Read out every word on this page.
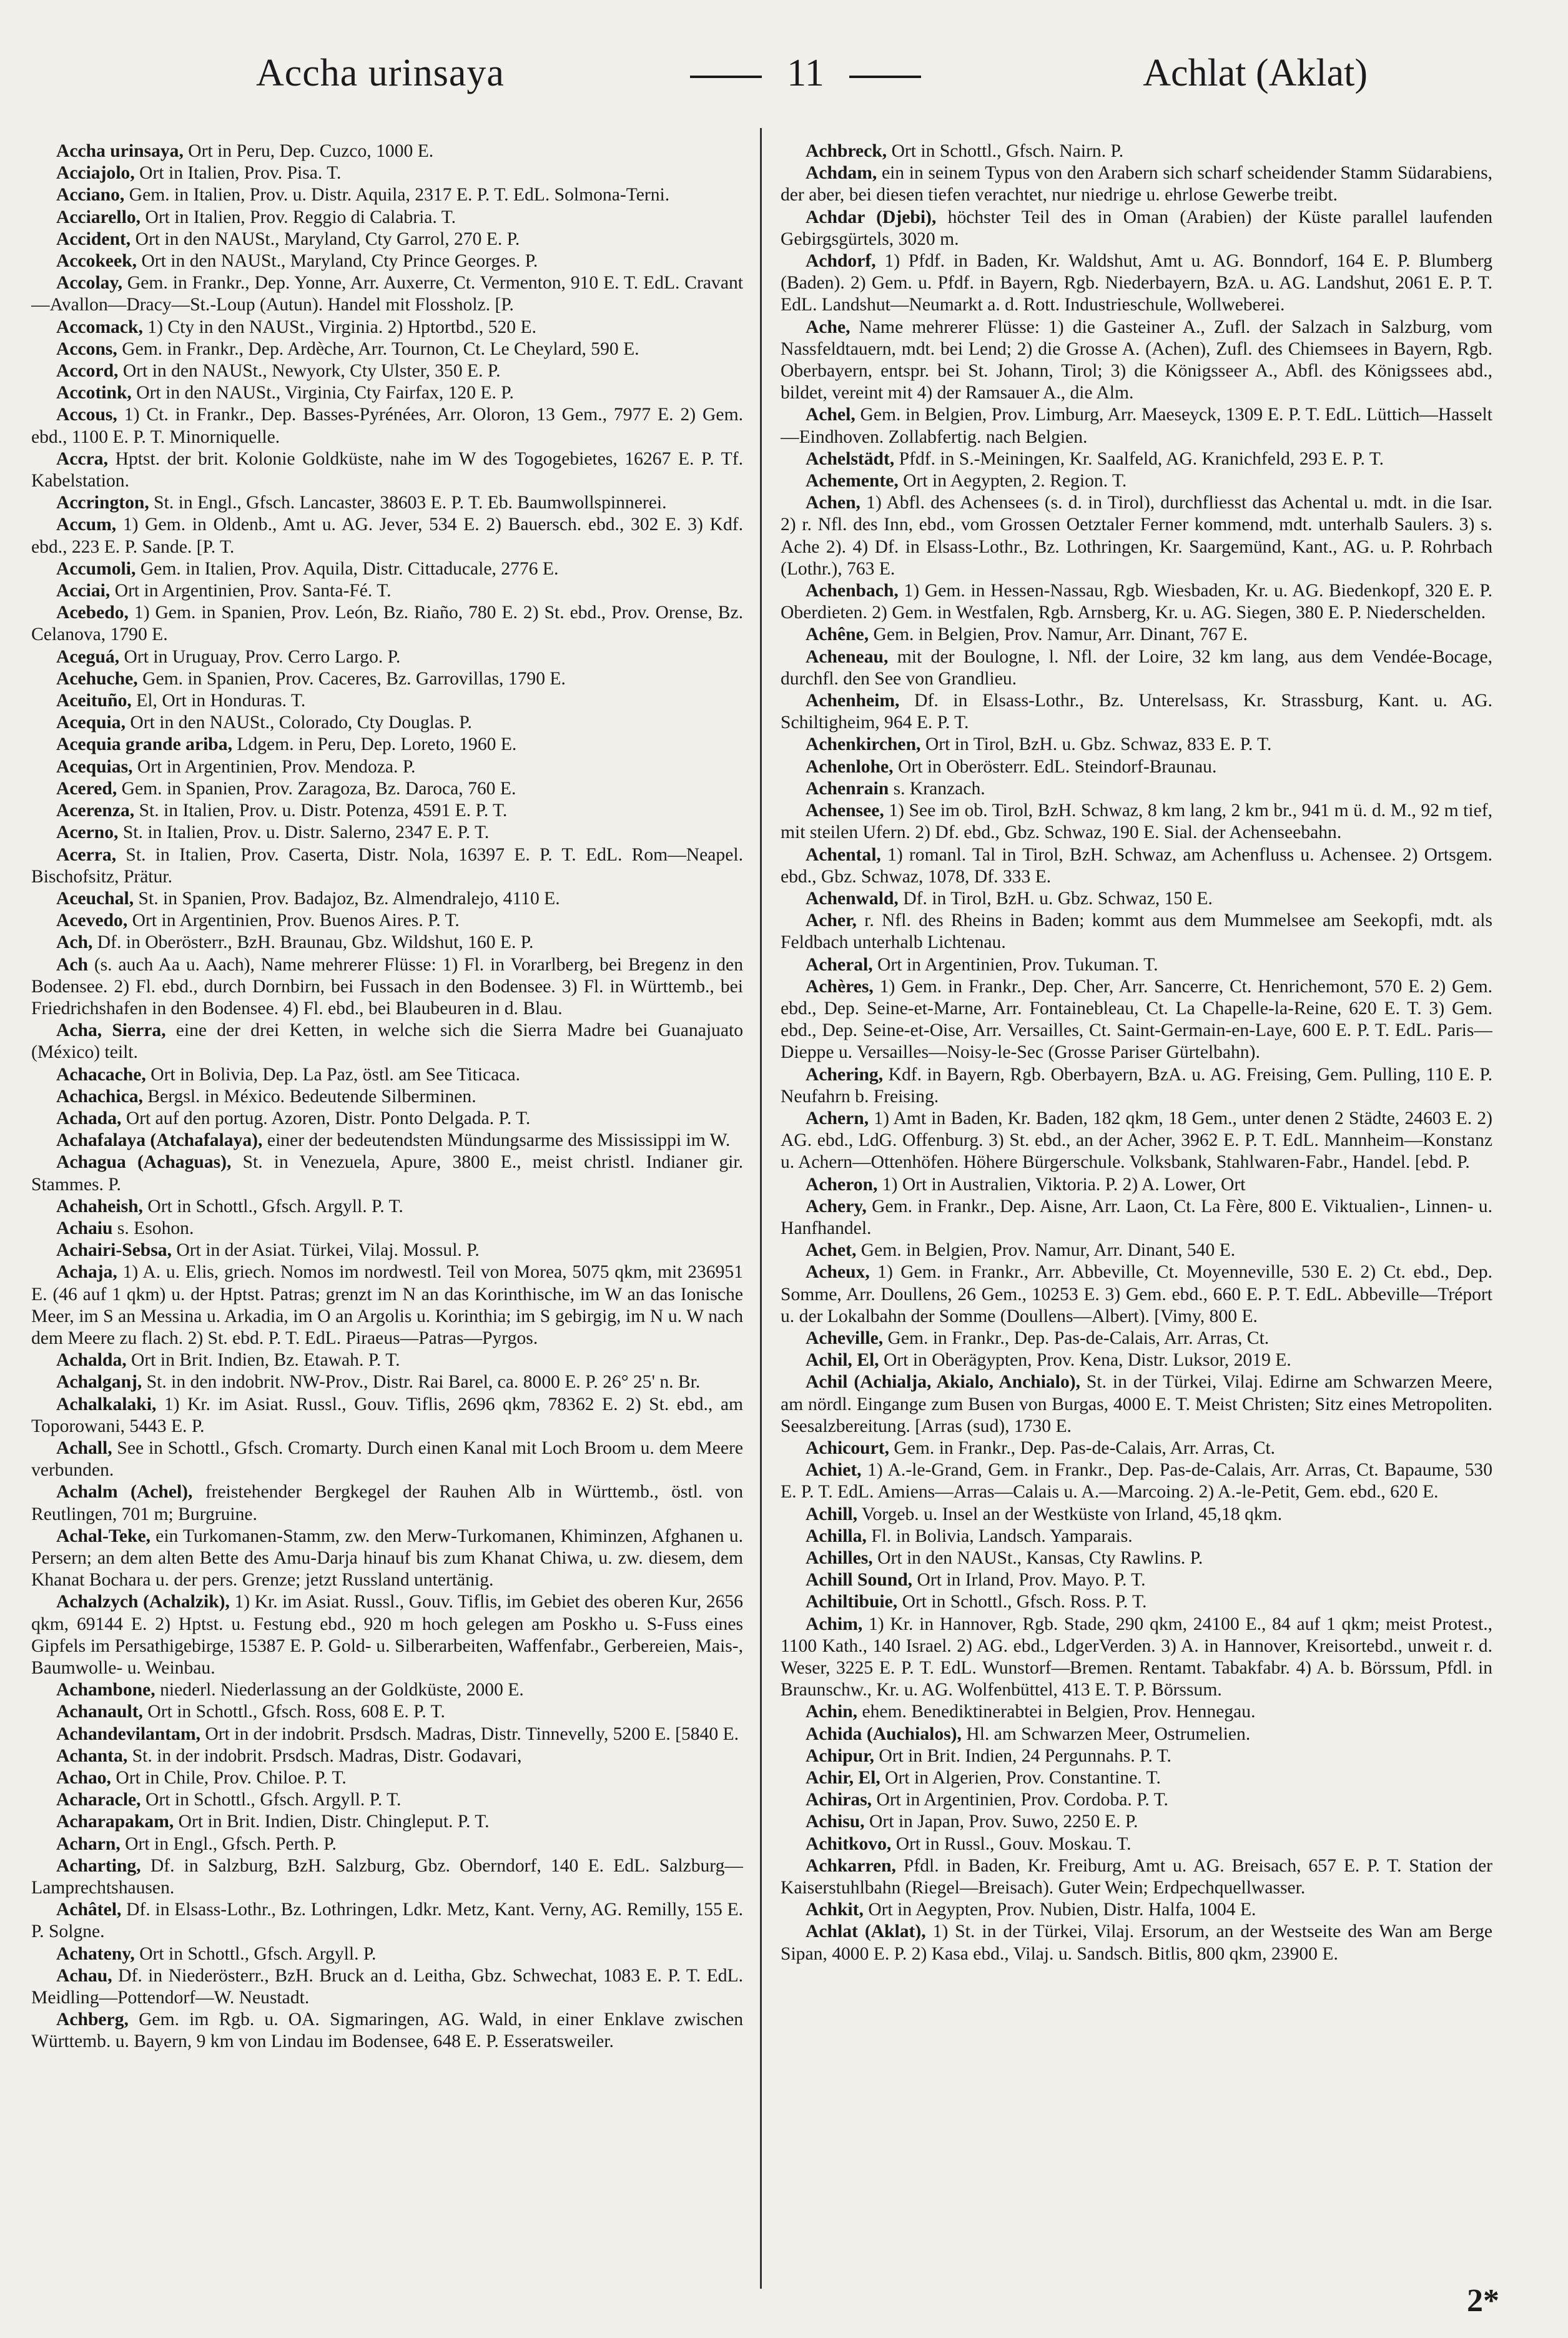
Accha urinsaya	11	Achlat (Aklat)
Accha urinsaya, Ort in Peru, Dep. Cuzco, 1000 E.
Acciajolo, Ort in Italien, Prov. Pisa. T.
Acciano, Gem. in Italien, Prov. u. Distr. Aquila, 2317 E. P. T. EdL. Solmona-Terni.
Acciarello, Ort in Italien, Prov. Reggio di Calabria. T.
Accident, Ort in den NAUSt., Maryland, Cty Garrol, 270 E. P.
Accokeek, Ort in den NAUSt., Maryland, Cty Prince Georges. P.
Accolay, Gem. in Frankr., Dep. Yonne, Arr. Auxerre, Ct. Vermenton, 910 E. T. EdL. Cravant—Avallon—Dracy—St.-Loup (Autun). Handel mit Flossholz. [P.
Accomack, 1) Cty in den NAUSt., Virginia. 2) Hptortbd., 520 E.
Accons, Gem. in Frankr., Dep. Ardèche, Arr. Tournon, Ct. Le Cheylard, 590 E.
Accord, Ort in den NAUSt., Newyork, Cty Ulster, 350 E. P.
Accotink, Ort in den NAUSt., Virginia, Cty Fairfax, 120 E. P.
Accous, 1) Ct. in Frankr., Dep. Basses-Pyrénées, Arr. Oloron, 13 Gem., 7977 E. 2) Gem. ebd., 1100 E. P. T. Minorniquelle.
Accra, Hptst. der brit. Kolonie Goldküste, nahe im W des Togogebietes, 16267 E. P. Tf. Kabelstation.
Accrington, St. in Engl., Gfsch. Lancaster, 38603 E. P. T. Eb. Baumwollspinnerei.
Accum, 1) Gem. in Oldenb., Amt u. AG. Jever, 534 E. 2) Bauersch. ebd., 302 E. 3) Kdf. ebd., 223 E. P. Sande. [P. T.
Accumoli, Gem. in Italien, Prov. Aquila, Distr. Cittaducale, 2776 E.
Acciai, Ort in Argentinien, Prov. Santa-Fé. T.
Acebedo, 1) Gem. in Spanien, Prov. León, Bz. Riaño, 780 E. 2) St. ebd., Prov. Orense, Bz. Celanova, 1790 E.
Aceguá, Ort in Uruguay, Prov. Cerro Largo. P.
Acehuche, Gem. in Spanien, Prov. Caceres, Bz. Garrovillas, 1790 E.
Aceituño, El, Ort in Honduras. T.
Acequia, Ort in den NAUSt., Colorado, Cty Douglas. P.
Acequia grande ariba, Ldgem. in Peru, Dep. Loreto, 1960 E.
Acequias, Ort in Argentinien, Prov. Mendoza. P.
Acered, Gem. in Spanien, Prov. Zaragoza, Bz. Daroca, 760 E.
Acerenza, St. in Italien, Prov. u. Distr. Potenza, 4591 E. P. T.
Acerno, St. in Italien, Prov. u. Distr. Salerno, 2347 E. P. T.
Acerra, St. in Italien, Prov. Caserta, Distr. Nola, 16397 E. P. T. EdL. Rom—Neapel. Bischofsitz, Prätur.
Aceuchal, St. in Spanien, Prov. Badajoz, Bz. Almendralejo, 4110 E.
Acevedo, Ort in Argentinien, Prov. Buenos Aires. P. T.
Ach, Df. in Oberösterr., BzH. Braunau, Gbz. Wildshut, 160 E. P.
Ach (s. auch Aa u. Aach), Name mehrerer Flüsse: 1) Fl. in Vorarlberg, bei Bregenz in den Bodensee. 2) Fl. ebd., durch Dornbirn, bei Fussach in den Bodensee. 3) Fl. in Württemb., bei Friedrichshafen in den Bodensee. 4) Fl. ebd., bei Blaubeuren in d. Blau.
Acha, Sierra, eine der drei Ketten, in welche sich die Sierra Madre bei Guanajuato (México) teilt.
Achacache, Ort in Bolivia, Dep. La Paz, östl. am See Titicaca.
Achachica, Bergsl. in México. Bedeutende Silberminen.
Achada, Ort auf den portug. Azoren, Distr. Ponto Delgada. P. T.
Achafalaya (Atchafalaya), einer der bedeutendsten Mündungsarme des Mississippi im W.
Achagua (Achaguas), St. in Venezuela, Apure, 3800 E., meist christl. Indianer gir. Stammes. P.
Achaheish, Ort in Schottl., Gfsch. Argyll. P. T.
Achaiu s. Esohon.
Achairi-Sebsa, Ort in der Asiat. Türkei, Vilaj. Mossul. P.
Achaja, 1) A. u. Elis, griech. Nomos im nordwestl. Teil von Morea, 5075 qkm, mit 236951 E. (46 auf 1 qkm) u. der Hptst. Patras; grenzt im N an das Korinthische, im W an das Ionische Meer, im S an Messina u. Arkadia, im O an Argolis u. Korinthia; im S gebirgig, im N u. W nach dem Meere zu flach. 2) St. ebd. P. T. EdL. Piraeus—Patras—Pyrgos.
Achalda, Ort in Brit. Indien, Bz. Etawah. P. T.
Achalganj, St. in den indobrit. NW-Prov., Distr. Rai Barel, ca. 8000 E. P. 26° 25' n. Br.
Achalkalaki, 1) Kr. im Asiat. Russl., Gouv. Tiflis, 2696 qkm, 78362 E. 2) St. ebd., am Toporowani, 5443 E. P.
Achall, See in Schottl., Gfsch. Cromarty. Durch einen Kanal mit Loch Broom u. dem Meere verbunden.
Achalm (Achel), freistehender Bergkegel der Rauhen Alb in Württemb., östl. von Reutlingen, 701 m; Burgruine.
Achal-Teke, ein Turkomanen-Stamm, zw. den Merw-Turkomanen, Khiminzen, Afghanen u. Persern; an dem alten Bette des Amu-Darja hinauf bis zum Khanat Chiwa, u. zw. diesem, dem Khanat Bochara u. der pers. Grenze; jetzt Russland untertänig.
Achalzych (Achalzik), 1) Kr. im Asiat. Russl., Gouv. Tiflis, im Gebiet des oberen Kur, 2656 qkm, 69144 E. 2) Hptst. u. Festung ebd., 920 m hoch gelegen am Poskho u. S-Fuss eines Gipfels im Persathigebirge, 15387 E. P. Gold- u. Silberarbeiten, Waffenfabr., Gerbereien, Mais-, Baumwolle- u. Weinbau.
Achambone, niederl. Niederlassung an der Goldküste, 2000 E.
Achanault, Ort in Schottl., Gfsch. Ross, 608 E. P. T.
Achandevilantam, Ort in der indobrit. Prsdsch. Madras, Distr. Tinnevelly, 5200 E. [5840 E.
Achanta, St. in der indobrit. Prsdsch. Madras, Distr. Godavari,
Achao, Ort in Chile, Prov. Chiloe. P. T.
Acharacle, Ort in Schottl., Gfsch. Argyll. P. T.
Acharapakam, Ort in Brit. Indien, Distr. Chingleput. P. T.
Acharn, Ort in Engl., Gfsch. Perth. P.
Acharting, Df. in Salzburg, BzH. Salzburg, Gbz. Oberndorf, 140 E. EdL. Salzburg—Lamprechtshausen.
Achâtel, Df. in Elsass-Lothr., Bz. Lothringen, Ldkr. Metz, Kant. Verny, AG. Remilly, 155 E. P. Solgne.
Achateny, Ort in Schottl., Gfsch. Argyll. P.
Achau, Df. in Niederösterr., BzH. Bruck an d. Leitha, Gbz. Schwechat, 1083 E. P. T. EdL. Meidling—Pottendorf—W. Neustadt.
Achberg, Gem. im Rgb. u. OA. Sigmaringen, AG. Wald, in einer Enklave zwischen Württemb. u. Bayern, 9 km von Lindau im Bodensee, 648 E. P. Esseratsweiler.
Achbreck, Ort in Schottl., Gfsch. Nairn. P.
Achdam, ein in seinem Typus von den Arabern sich scharf scheidender Stamm Südarabiens, der aber, bei diesen tiefen verachtet, nur niedrige u. ehrlose Gewerbe treibt.
Achdar (Djebi), höchster Teil des in Oman (Arabien) der Küste parallel laufenden Gebirgsgürtels, 3020 m.
Achdorf, 1) Pfdf. in Baden, Kr. Waldshut, Amt u. AG. Bonndorf, 164 E. P. Blumberg (Baden). 2) Gem. u. Pfdf. in Bayern, Rgb. Niederbayern, BzA. u. AG. Landshut, 2061 E. P. T. EdL. Landshut—Neumarkt a. d. Rott. Industrieschule, Wollweberei.
Ache, Name mehrerer Flüsse: 1) die Gasteiner A., Zufl. der Salzach in Salzburg, vom Nassfeldtauern, mdt. bei Lend; 2) die Grosse A. (Achen), Zufl. des Chiemsees in Bayern, Rgb. Oberbayern, entspr. bei St. Johann, Tirol; 3) die Königsseer A., Abfl. des Königssees abd., bildet, vereint mit 4) der Ramsauer A., die Alm.
Achel, Gem. in Belgien, Prov. Limburg, Arr. Maeseyck, 1309 E. P. T. EdL. Lüttich—Hasselt—Eindhoven. Zollabfertig. nach Belgien.
Achelstädt, Pfdf. in S.-Meiningen, Kr. Saalfeld, AG. Kranichfeld, 293 E. P. T.
Achemente, Ort in Aegypten, 2. Region. T.
Achen, 1) Abfl. des Achensees (s. d. in Tirol), durchfliesst das Achental u. mdt. in die Isar. 2) r. Nfl. des Inn, ebd., vom Grossen Oetztaler Ferner kommend, mdt. unterhalb Saulers. 3) s. Ache 2). 4) Df. in Elsass-Lothr., Bz. Lothringen, Kr. Saargemünd, Kant., AG. u. P. Rohrbach (Lothr.), 763 E.
Achenbach, 1) Gem. in Hessen-Nassau, Rgb. Wiesbaden, Kr. u. AG. Biedenkopf, 320 E. P. Oberdieten. 2) Gem. in Westfalen, Rgb. Arnsberg, Kr. u. AG. Siegen, 380 E. P. Niederschelden.
Achêne, Gem. in Belgien, Prov. Namur, Arr. Dinant, 767 E.
Acheneau, mit der Boulogne, l. Nfl. der Loire, 32 km lang, aus dem Vendée-Bocage, durchfl. den See von Grandlieu.
Achenheim, Df. in Elsass-Lothr., Bz. Unterelsass, Kr. Strassburg, Kant. u. AG. Schiltigheim, 964 E. P. T.
Achenkirchen, Ort in Tirol, BzH. u. Gbz. Schwaz, 833 E. P. T.
Achenlohe, Ort in Oberösterr. EdL. Steindorf-Braunau.
Achenrain s. Kranzach.
Achensee, 1) See im ob. Tirol, BzH. Schwaz, 8 km lang, 2 km br., 941 m ü. d. M., 92 m tief, mit steilen Ufern. 2) Df. ebd., Gbz. Schwaz, 190 E. Sial. der Achenseebahn.
Achental, 1) romanl. Tal in Tirol, BzH. Schwaz, am Achenfluss u. Achensee. 2) Ortsgem. ebd., Gbz. Schwaz, 1078, Df. 333 E.
Achenwald, Df. in Tirol, BzH. u. Gbz. Schwaz, 150 E.
Acher, r. Nfl. des Rheins in Baden; kommt aus dem Mummelsee am Seekopfi, mdt. als Feldbach unterhalb Lichtenau.
Acheral, Ort in Argentinien, Prov. Tukuman. T.
Achères, 1) Gem. in Frankr., Dep. Cher, Arr. Sancerre, Ct. Henrichemont, 570 E. 2) Gem. ebd., Dep. Seine-et-Marne, Arr. Fontainebleau, Ct. La Chapelle-la-Reine, 620 E. T. 3) Gem. ebd., Dep. Seine-et-Oise, Arr. Versailles, Ct. Saint-Germain-en-Laye, 600 E. P. T. EdL. Paris—Dieppe u. Versailles—Noisy-le-Sec (Grosse Pariser Gürtelbahn).
Achering, Kdf. in Bayern, Rgb. Oberbayern, BzA. u. AG. Freising, Gem. Pulling, 110 E. P. Neufahrn b. Freising.
Achern, 1) Amt in Baden, Kr. Baden, 182 qkm, 18 Gem., unter denen 2 Städte, 24603 E. 2) AG. ebd., LdG. Offenburg. 3) St. ebd., an der Acher, 3962 E. P. T. EdL. Mannheim—Konstanz u. Achern—Ottenhöfen. Höhere Bürgerschule. Volksbank, Stahlwaren-Fabr., Handel. [ebd. P.
Acheron, 1) Ort in Australien, Viktoria. P. 2) A. Lower, Ort
Achery, Gem. in Frankr., Dep. Aisne, Arr. Laon, Ct. La Fère, 800 E. Viktualien-, Linnen- u. Hanfhandel.
Achet, Gem. in Belgien, Prov. Namur, Arr. Dinant, 540 E.
Acheux, 1) Gem. in Frankr., Arr. Abbeville, Ct. Moyenneville, 530 E. 2) Ct. ebd., Dep. Somme, Arr. Doullens, 26 Gem., 10253 E. 3) Gem. ebd., 660 E. P. T. EdL. Abbeville—Tréport u. der Lokalbahn der Somme (Doullens—Albert). [Vimy, 800 E.
Acheville, Gem. in Frankr., Dep. Pas-de-Calais, Arr. Arras, Ct.
Achil, El, Ort in Oberägypten, Prov. Kena, Distr. Luksor, 2019 E.
Achil (Achialja, Akialo, Anchialo), St. in der Türkei, Vilaj. Edirne am Schwarzen Meere, am nördl. Eingange zum Busen von Burgas, 4000 E. T. Meist Christen; Sitz eines Metropoliten. Seesalzbereitung. [Arras (sud), 1730 E.
Achicourt, Gem. in Frankr., Dep. Pas-de-Calais, Arr. Arras, Ct.
Achiet, 1) A.-le-Grand, Gem. in Frankr., Dep. Pas-de-Calais, Arr. Arras, Ct. Bapaume, 530 E. P. T. EdL. Amiens—Arras—Calais u. A.—Marcoing. 2) A.-le-Petit, Gem. ebd., 620 E.
Achill, Vorgeb. u. Insel an der Westküste von Irland, 45,18 qkm.
Achilla, Fl. in Bolivia, Landsch. Yamparais.
Achilles, Ort in den NAUSt., Kansas, Cty Rawlins. P.
Achill Sound, Ort in Irland, Prov. Mayo. P. T.
Achiltibuie, Ort in Schottl., Gfsch. Ross. P. T.
Achim, 1) Kr. in Hannover, Rgb. Stade, 290 qkm, 24100 E., 84 auf 1 qkm; meist Protest., 1100 Kath., 140 Israel. 2) AG. ebd., LdgerVerden. 3) A. in Hannover, Kreisortebd., unweit r. d. Weser, 3225 E. P. T. EdL. Wunstorf—Bremen. Rentamt. Tabakfabr. 4) A. b. Börssum, Pfdl. in Braunschw., Kr. u. AG. Wolfenbüttel, 413 E. T. P. Börssum.
Achin, ehem. Benediktinerabtei in Belgien, Prov. Hennegau.
Achida (Auchialos), Hl. am Schwarzen Meer, Ostrumelien.
Achipur, Ort in Brit. Indien, 24 Pergunnahs. P. T.
Achir, El, Ort in Algerien, Prov. Constantine. T.
Achiras, Ort in Argentinien, Prov. Cordoba. P. T.
Achisu, Ort in Japan, Prov. Suwo, 2250 E. P.
Achitkovo, Ort in Russl., Gouv. Moskau. T.
Achkarren, Pfdl. in Baden, Kr. Freiburg, Amt u. AG. Breisach, 657 E. P. T. Station der Kaiserstuhlbahn (Riegel—Breisach). Guter Wein; Erdpechquellwasser.
Achkit, Ort in Aegypten, Prov. Nubien, Distr. Halfa, 1004 E.
Achlat (Aklat), 1) St. in der Türkei, Vilaj. Ersorum, an der Westseite des Wan am Berge Sipan, 4000 E. P. 2) Kasa ebd., Vilaj. u. Sandsch. Bitlis, 800 qkm, 23900 E.
2*
